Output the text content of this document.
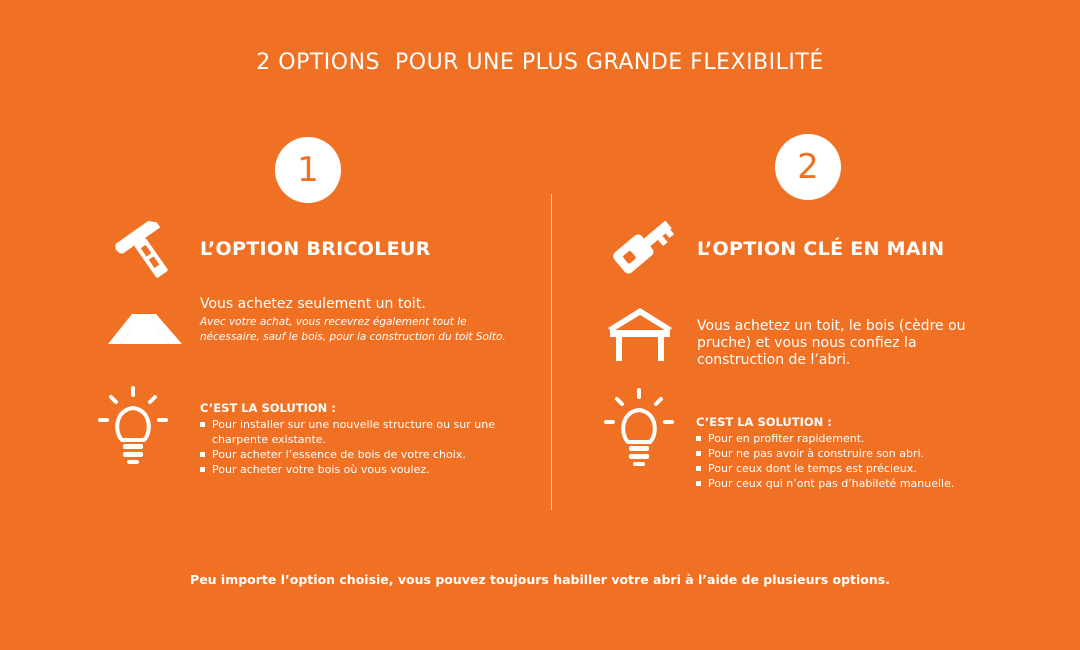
2 OPTIONS  POUR UNE PLUS GRANDE FLEXIBILITÉ
1
L’OPTION BRICOLEUR
Vous achetez seulement un toit.
Avec votre achat, vous recevrez également tout le nécessaire, sauf le bois, pour la construction du toit Solto.
C’EST LA SOLUTION :
Pour installer sur une nouvelle structure ou sur une charpente existante.
Pour acheter l’essence de bois de votre choix.
Pour acheter votre bois où vous voulez.
2
L’OPTION CLÉ EN MAIN
Vous achetez un toit, le bois (cèdre ou pruche) et vous nous confiez la construction de l’abri.
C’EST LA SOLUTION :
Pour en profiter rapidement.
Pour ne pas avoir à construire son abri.
Pour ceux dont le temps est précieux.
Pour ceux qui n’ont pas d’habileté manuelle.
Peu importe l’option choisie, vous pouvez toujours habiller votre abri à l’aide de plusieurs options.
